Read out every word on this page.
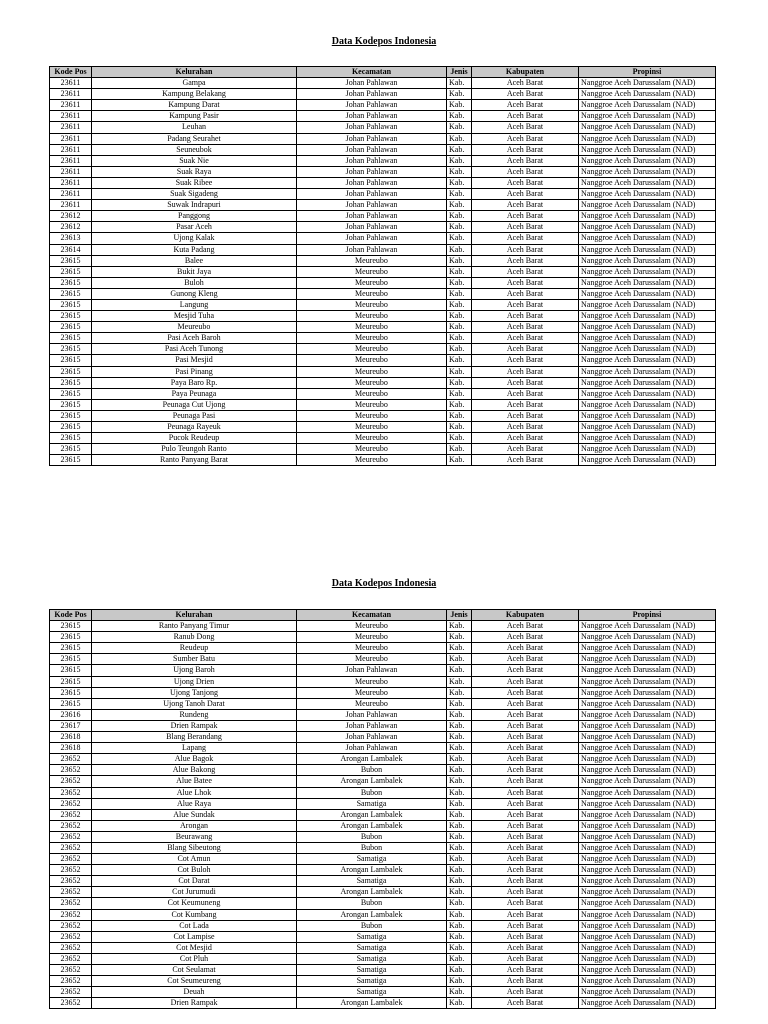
Data Kodepos Indonesia
Kode Pos	Kelurahan	Kecamatan	Jenis	Kabupaten	Propinsi
23611	Gampa	Johan Pahlawan	Kab.	Aceh Barat	Nanggroe Aceh Darussalam (NAD)
23611	Kampung Belakang	Johan Pahlawan	Kab.	Aceh Barat	Nanggroe Aceh Darussalam (NAD)
23611	Kampung Darat	Johan Pahlawan	Kab.	Aceh Barat	Nanggroe Aceh Darussalam (NAD)
23611	Kampung Pasir	Johan Pahlawan	Kab.	Aceh Barat	Nanggroe Aceh Darussalam (NAD)
23611	Leuhan	Johan Pahlawan	Kab.	Aceh Barat	Nanggroe Aceh Darussalam (NAD)
23611	Padang Seurahet	Johan Pahlawan	Kab.	Aceh Barat	Nanggroe Aceh Darussalam (NAD)
23611	Seuneubok	Johan Pahlawan	Kab.	Aceh Barat	Nanggroe Aceh Darussalam (NAD)
23611	Suak Nie	Johan Pahlawan	Kab.	Aceh Barat	Nanggroe Aceh Darussalam (NAD)
23611	Suak Raya	Johan Pahlawan	Kab.	Aceh Barat	Nanggroe Aceh Darussalam (NAD)
23611	Suak Ribee	Johan Pahlawan	Kab.	Aceh Barat	Nanggroe Aceh Darussalam (NAD)
23611	Suak Sigadeng	Johan Pahlawan	Kab.	Aceh Barat	Nanggroe Aceh Darussalam (NAD)
23611	Suwak Indrapuri	Johan Pahlawan	Kab.	Aceh Barat	Nanggroe Aceh Darussalam (NAD)
23612	Panggong	Johan Pahlawan	Kab.	Aceh Barat	Nanggroe Aceh Darussalam (NAD)
23612	Pasar Aceh	Johan Pahlawan	Kab.	Aceh Barat	Nanggroe Aceh Darussalam (NAD)
23613	Ujong Kalak	Johan Pahlawan	Kab.	Aceh Barat	Nanggroe Aceh Darussalam (NAD)
23614	Kuta Padang	Johan Pahlawan	Kab.	Aceh Barat	Nanggroe Aceh Darussalam (NAD)
23615	Balee	Meureubo	Kab.	Aceh Barat	Nanggroe Aceh Darussalam (NAD)
23615	Bukit Jaya	Meureubo	Kab.	Aceh Barat	Nanggroe Aceh Darussalam (NAD)
23615	Buloh	Meureubo	Kab.	Aceh Barat	Nanggroe Aceh Darussalam (NAD)
23615	Gunong Kleng	Meureubo	Kab.	Aceh Barat	Nanggroe Aceh Darussalam (NAD)
23615	Langung	Meureubo	Kab.	Aceh Barat	Nanggroe Aceh Darussalam (NAD)
23615	Mesjid Tuha	Meureubo	Kab.	Aceh Barat	Nanggroe Aceh Darussalam (NAD)
23615	Meureubo	Meureubo	Kab.	Aceh Barat	Nanggroe Aceh Darussalam (NAD)
23615	Pasi Aceh Baroh	Meureubo	Kab.	Aceh Barat	Nanggroe Aceh Darussalam (NAD)
23615	Pasi Aceh Tunong	Meureubo	Kab.	Aceh Barat	Nanggroe Aceh Darussalam (NAD)
23615	Pasi Mesjid	Meureubo	Kab.	Aceh Barat	Nanggroe Aceh Darussalam (NAD)
23615	Pasi Pinang	Meureubo	Kab.	Aceh Barat	Nanggroe Aceh Darussalam (NAD)
23615	Paya Baro Rp.	Meureubo	Kab.	Aceh Barat	Nanggroe Aceh Darussalam (NAD)
23615	Paya Peunaga	Meureubo	Kab.	Aceh Barat	Nanggroe Aceh Darussalam (NAD)
23615	Peunaga Cut Ujong	Meureubo	Kab.	Aceh Barat	Nanggroe Aceh Darussalam (NAD)
23615	Peunaga Pasi	Meureubo	Kab.	Aceh Barat	Nanggroe Aceh Darussalam (NAD)
23615	Peunaga Rayeuk	Meureubo	Kab.	Aceh Barat	Nanggroe Aceh Darussalam (NAD)
23615	Pucok Reudeup	Meureubo	Kab.	Aceh Barat	Nanggroe Aceh Darussalam (NAD)
23615	Pulo Teungoh Ranto	Meureubo	Kab.	Aceh Barat	Nanggroe Aceh Darussalam (NAD)
23615	Ranto Panyang Barat	Meureubo	Kab.	Aceh Barat	Nanggroe Aceh Darussalam (NAD)
Data Kodepos Indonesia
Kode Pos	Kelurahan	Kecamatan	Jenis	Kabupaten	Propinsi
23615	Ranto Panyang Timur	Meureubo	Kab.	Aceh Barat	Nanggroe Aceh Darussalam (NAD)
23615	Ranub Dong	Meureubo	Kab.	Aceh Barat	Nanggroe Aceh Darussalam (NAD)
23615	Reudeup	Meureubo	Kab.	Aceh Barat	Nanggroe Aceh Darussalam (NAD)
23615	Sumber Batu	Meureubo	Kab.	Aceh Barat	Nanggroe Aceh Darussalam (NAD)
23615	Ujong Baroh	Johan Pahlawan	Kab.	Aceh Barat	Nanggroe Aceh Darussalam (NAD)
23615	Ujong Drien	Meureubo	Kab.	Aceh Barat	Nanggroe Aceh Darussalam (NAD)
23615	Ujong Tanjong	Meureubo	Kab.	Aceh Barat	Nanggroe Aceh Darussalam (NAD)
23615	Ujong Tanoh Darat	Meureubo	Kab.	Aceh Barat	Nanggroe Aceh Darussalam (NAD)
23616	Rundeng	Johan Pahlawan	Kab.	Aceh Barat	Nanggroe Aceh Darussalam (NAD)
23617	Drien Rampak	Johan Pahlawan	Kab.	Aceh Barat	Nanggroe Aceh Darussalam (NAD)
23618	Blang Berandang	Johan Pahlawan	Kab.	Aceh Barat	Nanggroe Aceh Darussalam (NAD)
23618	Lapang	Johan Pahlawan	Kab.	Aceh Barat	Nanggroe Aceh Darussalam (NAD)
23652	Alue Bagok	Arongan Lambalek	Kab.	Aceh Barat	Nanggroe Aceh Darussalam (NAD)
23652	Alue Bakong	Bubon	Kab.	Aceh Barat	Nanggroe Aceh Darussalam (NAD)
23652	Alue Batee	Arongan Lambalek	Kab.	Aceh Barat	Nanggroe Aceh Darussalam (NAD)
23652	Alue Lhok	Bubon	Kab.	Aceh Barat	Nanggroe Aceh Darussalam (NAD)
23652	Alue Raya	Samatiga	Kab.	Aceh Barat	Nanggroe Aceh Darussalam (NAD)
23652	Alue Sundak	Arongan Lambalek	Kab.	Aceh Barat	Nanggroe Aceh Darussalam (NAD)
23652	Arongan	Arongan Lambalek	Kab.	Aceh Barat	Nanggroe Aceh Darussalam (NAD)
23652	Beurawang	Bubon	Kab.	Aceh Barat	Nanggroe Aceh Darussalam (NAD)
23652	Blang Sibeutong	Bubon	Kab.	Aceh Barat	Nanggroe Aceh Darussalam (NAD)
23652	Cot Amun	Samatiga	Kab.	Aceh Barat	Nanggroe Aceh Darussalam (NAD)
23652	Cot Buloh	Arongan Lambalek	Kab.	Aceh Barat	Nanggroe Aceh Darussalam (NAD)
23652	Cot Darat	Samatiga	Kab.	Aceh Barat	Nanggroe Aceh Darussalam (NAD)
23652	Cot Jurumudi	Arongan Lambalek	Kab.	Aceh Barat	Nanggroe Aceh Darussalam (NAD)
23652	Cot Keumuneng	Bubon	Kab.	Aceh Barat	Nanggroe Aceh Darussalam (NAD)
23652	Cot Kumbang	Arongan Lambalek	Kab.	Aceh Barat	Nanggroe Aceh Darussalam (NAD)
23652	Cot Lada	Bubon	Kab.	Aceh Barat	Nanggroe Aceh Darussalam (NAD)
23652	Cot Lampise	Samatiga	Kab.	Aceh Barat	Nanggroe Aceh Darussalam (NAD)
23652	Cot Mesjid	Samatiga	Kab.	Aceh Barat	Nanggroe Aceh Darussalam (NAD)
23652	Cot Pluh	Samatiga	Kab.	Aceh Barat	Nanggroe Aceh Darussalam (NAD)
23652	Cot Seulamat	Samatiga	Kab.	Aceh Barat	Nanggroe Aceh Darussalam (NAD)
23652	Cot Seumeureng	Samatiga	Kab.	Aceh Barat	Nanggroe Aceh Darussalam (NAD)
23652	Deuah	Samatiga	Kab.	Aceh Barat	Nanggroe Aceh Darussalam (NAD)
23652	Drien Rampak	Arongan Lambalek	Kab.	Aceh Barat	Nanggroe Aceh Darussalam (NAD)
